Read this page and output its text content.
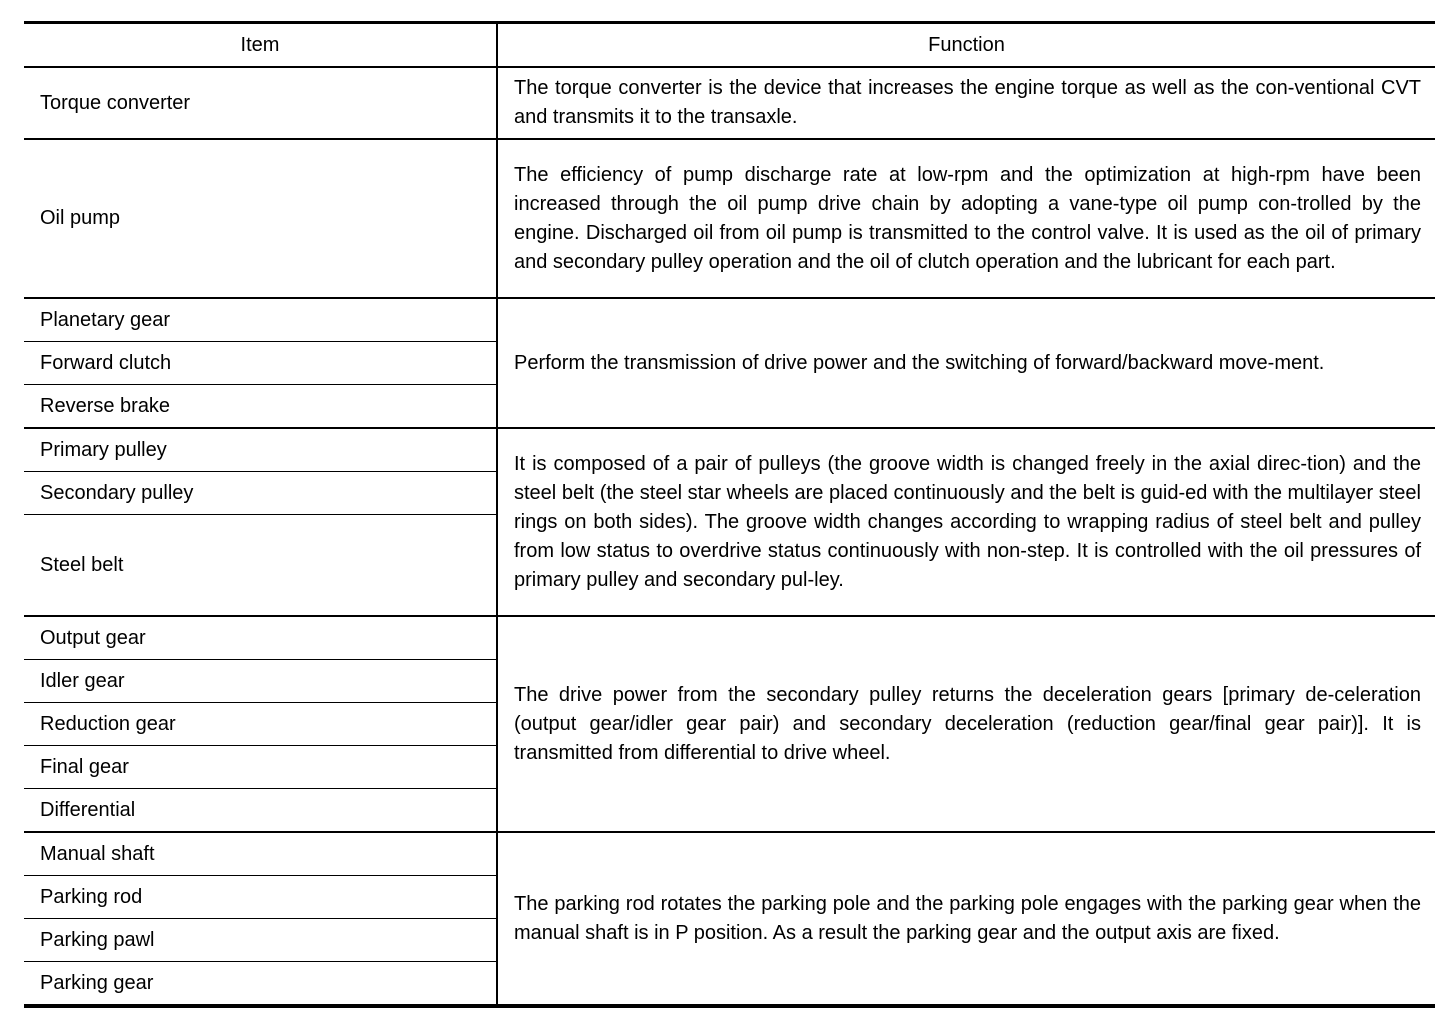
Item	Function
Torque converter	The torque converter is the device that increases the engine torque as well as the con-ventional CVT and transmits it to the transaxle.
Oil pump	The efficiency of pump discharge rate at low-rpm and the optimization at high-rpm have been increased through the oil pump drive chain by adopting a vane-type oil pump con-trolled by the engine. Discharged oil from oil pump is transmitted to the control valve. It is used as the oil of primary and secondary pulley operation and the oil of clutch operation and the lubricant for each part.
Planetary gear	Perform the transmission of drive power and the switching of forward/backward move-ment.
Forward clutch	
Reverse brake	
Primary pulley	It is composed of a pair of pulleys (the groove width is changed freely in the axial direc-tion) and the steel belt (the steel star wheels are placed continuously and the belt is guid-ed with the multilayer steel rings on both sides). The groove width changes according to wrapping radius of steel belt and pulley from low status to overdrive status continuously with non-step. It is controlled with the oil pressures of primary pulley and secondary pul-ley.
Secondary pulley	
Steel belt	
Output gear	The drive power from the secondary pulley returns the deceleration gears [primary de-celeration (output gear/idler gear pair) and secondary deceleration (reduction gear/final gear pair)]. It is transmitted from differential to drive wheel.
Idler gear	
Reduction gear	
Final gear	
Differential	
Manual shaft	The parking rod rotates the parking pole and the parking pole engages with the parking gear when the manual shaft is in P position. As a result the parking gear and the output axis are fixed.
Parking rod	
Parking pawl	
Parking gear	
